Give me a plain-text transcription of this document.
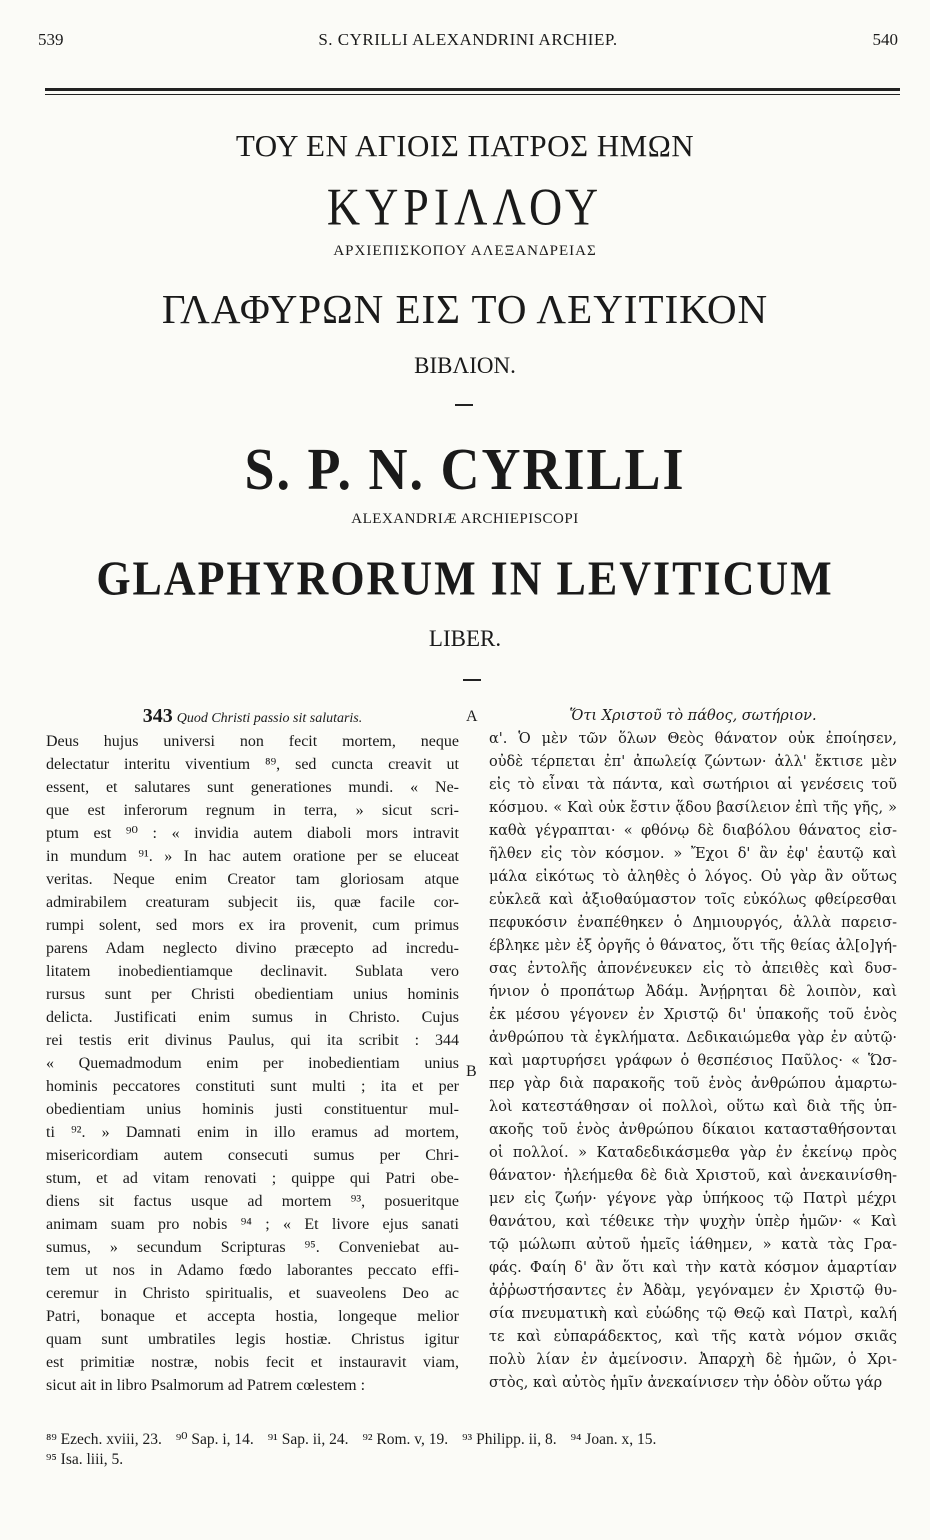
539	S. CYRILLI ALEXANDRINI ARCHIEP.	540
ΤΟΥ ΕΝ ΑΓΙΟΙΣ ΠΑΤΡΟΣ ΗΜΩΝ
ΚΥΡΙΛΛΟΥ
ΑΡΧΙΕΠΙΣΚΟΠΟΥ ΑΛΕΞΑΝΔΡΕΙΑΣ
ΓΛΑΦΥΡΩΝ ΕΙΣ ΤΟ ΛΕΥΙΤΙΚΟΝ
ΒΙΒΛΙΟΝ.
S. P. N. CYRILLI
ALEXANDRIÆ ARCHIEPISCOPI
GLAPHYRORUM IN LEVITICUM
LIBER.
A
B
343 Quod Christi passio sit salutaris.
Deus hujus universi non fecit mortem, neque
delectatur interitu viventium ⁸⁹, sed cuncta creavit ut
essent, et salutares sunt generationes mundi. « Ne-
que est inferorum regnum in terra, » sicut scri-
ptum est ⁹⁰ : « invidia autem diaboli mors intravit
in mundum ⁹¹. » In hac autem oratione per se eluceat
veritas. Neque enim Creator tam gloriosam atque
admirabilem creaturam subjecit iis, quæ facile cor-
rumpi solent, sed mors ex ira provenit, cum primus
parens Adam neglecto divino præcepto ad incredu-
litatem inobedientiamque declinavit. Sublata vero
rursus sunt per Christi obedientiam unius hominis
delicta. Justificati enim sumus in Christo. Cujus
rei testis erit divinus Paulus, qui ita scribit : 344
« Quemadmodum enim per inobedientiam unius
hominis peccatores constituti sunt multi ; ita et per
obedientiam unius hominis justi constituentur mul-
ti ⁹². » Damnati enim in illo eramus ad mortem,
misericordiam autem consecuti sumus per Chri-
stum, et ad vitam renovati ; quippe qui Patri obe-
diens sit factus usque ad mortem ⁹³, posueritque
animam suam pro nobis ⁹⁴ ; « Et livore ejus sanati
sumus, » secundum Scripturas ⁹⁵. Conveniebat au-
tem ut nos in Adamo fœdo laborantes peccato effi-
ceremur in Christo spiritualis, et suaveolens Deo ac
Patri, bonaque et accepta hostia, longeque melior
quam sunt umbratiles legis hostiæ. Christus igitur
est primitiæ nostræ, nobis fecit et instauravit viam,
sicut ait in libro Psalmorum ad Patrem cœlestem :
Ὅτι Χριστοῦ τὸ πάθος, σωτήριον.
α'. Ὁ μὲν τῶν ὅλων Θεὸς θάνατον οὐκ ἐποίησεν,
οὐδὲ τέρπεται ἐπ' ἀπωλείᾳ ζώντων· ἀλλ' ἔκτισε μὲν
εἰς τὸ εἶναι τὰ πάντα, καὶ σωτήριοι αἱ γενέσεις τοῦ
κόσμου. « Καὶ οὐκ ἔστιν ᾅδου βασίλειον ἐπὶ τῆς γῆς, »
καθὰ γέγραπται· « φθόνῳ δὲ διαβόλου θάνατος εἰσ-
ῆλθεν εἰς τὸν κόσμον. » Ἔχοι δ' ἂν ἐφ' ἑαυτῷ καὶ
μάλα εἰκότως τὸ ἀληθὲς ὁ λόγος. Οὐ γὰρ ἂν οὕτως
εὐκλεᾶ καὶ ἀξιοθαύμαστον τοῖς εὐκόλως φθείρεσθαι
πεφυκόσιν ἐναπέθηκεν ὁ Δημιουργός, ἀλλὰ παρεισ-
έβληκε μὲν ἐξ ὀργῆς ὁ θάνατος, ὅτι τῆς θείας ἀλ[ο]γή-
σας ἐντολῆς ἀπονένευκεν εἰς τὸ ἀπειθὲς καὶ δυσ-
ήνιον ὁ προπάτωρ Ἀδάμ. Ἀνῄρηται δὲ λοιπὸν, καὶ
ἐκ μέσου γέγονεν ἐν Χριστῷ δι' ὑπακοῆς τοῦ ἑνὸς
ἀνθρώπου τὰ ἐγκλήματα. Δεδικαιώμεθα γὰρ ἐν αὐτῷ·
καὶ μαρτυρήσει γράφων ὁ θεσπέσιος Παῦλος· « Ὥσ-
περ γὰρ διὰ παρακοῆς τοῦ ἑνὸς ἀνθρώπου ἁμαρτω-
λοὶ κατεστάθησαν οἱ πολλοὶ, οὕτω καὶ διὰ τῆς ὑπ-
ακοῆς τοῦ ἑνὸς ἀνθρώπου δίκαιοι κατασταθήσονται
οἱ πολλοί. » Καταδεδικάσμεθα γὰρ ἐν ἐκείνῳ πρὸς
θάνατον· ἠλεήμεθα δὲ διὰ Χριστοῦ, καὶ ἀνεκαινίσθη-
μεν εἰς ζωήν· γέγονε γὰρ ὑπήκοος τῷ Πατρὶ μέχρι
θανάτου, καὶ τέθεικε τὴν ψυχὴν ὑπὲρ ἡμῶν· « Καὶ
τῷ μώλωπι αὐτοῦ ἡμεῖς ἰάθημεν, » κατὰ τὰς Γρα-
φάς. Φαίη δ' ἂν ὅτι καὶ τὴν κατὰ κόσμον ἁμαρτίαν
ἀῤῥωστήσαντες ἐν Ἀδὰμ, γεγόναμεν ἐν Χριστῷ θυ-
σία πνευματικὴ καὶ εὐώδης τῷ Θεῷ καὶ Πατρὶ, καλή
τε καὶ εὐπαράδεκτος, καὶ τῆς κατὰ νόμον σκιᾶς
πολὺ λίαν ἐν ἀμείνοσιν. Ἀπαρχὴ δὲ ἡμῶν, ὁ Χρι-
στὸς, καὶ αὐτὸς ἡμῖν ἀνεκαίνισεν τὴν ὁδὸν οὕτω γάρ
⁸⁹ Ezech. xviii, 23. ⁹⁰ Sap. i, 14. ⁹¹ Sap. ii, 24. ⁹² Rom. v, 19. ⁹³ Philipp. ii, 8. ⁹⁴ Joan. x, 15.
⁹⁵ Isa. liii, 5.
